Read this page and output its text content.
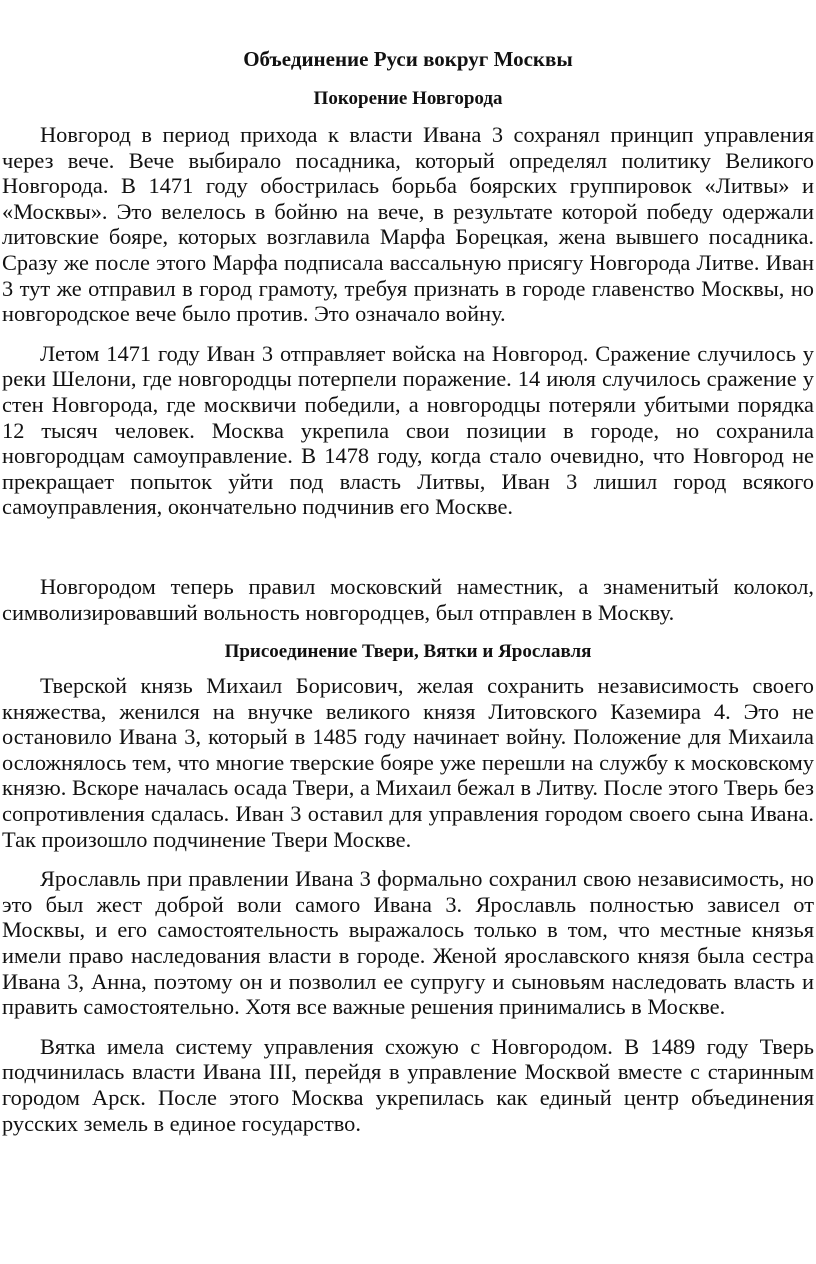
Объединение Руси вокруг Москвы
Покорение Новгорода

Новгород в период прихода к власти Ивана 3 сохранял принцип управления через вече. Вече выбирало посадника, который определял политику Великого Новгорода. В 1471 году обострилась борьба боярских группировок «Литвы» и «Москвы». Это велелось в бойню на вече, в результате которой победу одержали литовские бояре, которых возглавила Марфа Борецкая, жена вывшего посадника. Сразу же после этого Марфа подписала вассальную присягу Новгорода Литве. Иван 3 тут же отправил в город грамоту, требуя признать в городе главенство Москвы, но новгородское вече было против. Это означало войну.

Летом 1471 году Иван 3 отправляет войска на Новгород. Сражение случилось у реки Шелони, где новгородцы потерпели поражение. 14 июля случилось сражение у стен Новгорода, где москвичи победили, а новгородцы потеряли убитыми порядка 12 тысяч человек. Москва укрепила свои позиции в городе, но сохранила новгородцам самоуправление. В 1478 году, когда стало очевидно, что Новгород не прекращает попыток уйти под власть Литвы, Иван 3 лишил город всякого самоуправления, окончательно подчинив его Москве.

Новгородом теперь правил московский наместник, а знаменитый колокол, символизировавший вольность новгородцев, был отправлен в Москву.

Присоединение Твери, Вятки и Ярославля

Тверской князь Михаил Борисович, желая сохранить независимость своего княжества, женился на внучке великого князя Литовского Каземира 4. Это не остановило Ивана 3, который в 1485 году начинает войну. Положение для Михаила осложнялось тем, что многие тверские бояре уже перешли на службу к московскому князю. Вскоре началась осада Твери, а Михаил бежал в Литву. После этого Тверь без сопротивления сдалась. Иван 3 оставил для управления городом своего сына Ивана. Так произошло подчинение Твери Москве.

Ярославль при правлении Ивана 3 формально сохранил свою независимость, но это был жест доброй воли самого Ивана 3. Ярославль полностью зависел от Москвы, и его самостоятельность выражалось только в том, что местные князья имели право наследования власти в городе. Женой ярославского князя была сестра Ивана 3, Анна, поэтому он и позволил ее супругу и сыновьям наследовать власть и править самостоятельно. Хотя все важные решения принимались в Москве.

Вятка имела систему управления схожую с Новгородом. В 1489 году Тверь подчинилась власти Ивана III, перейдя в управление Москвой вместе с старинным городом Арск. После этого Москва укрепилась как единый центр объединения русских земель в единое государство.
